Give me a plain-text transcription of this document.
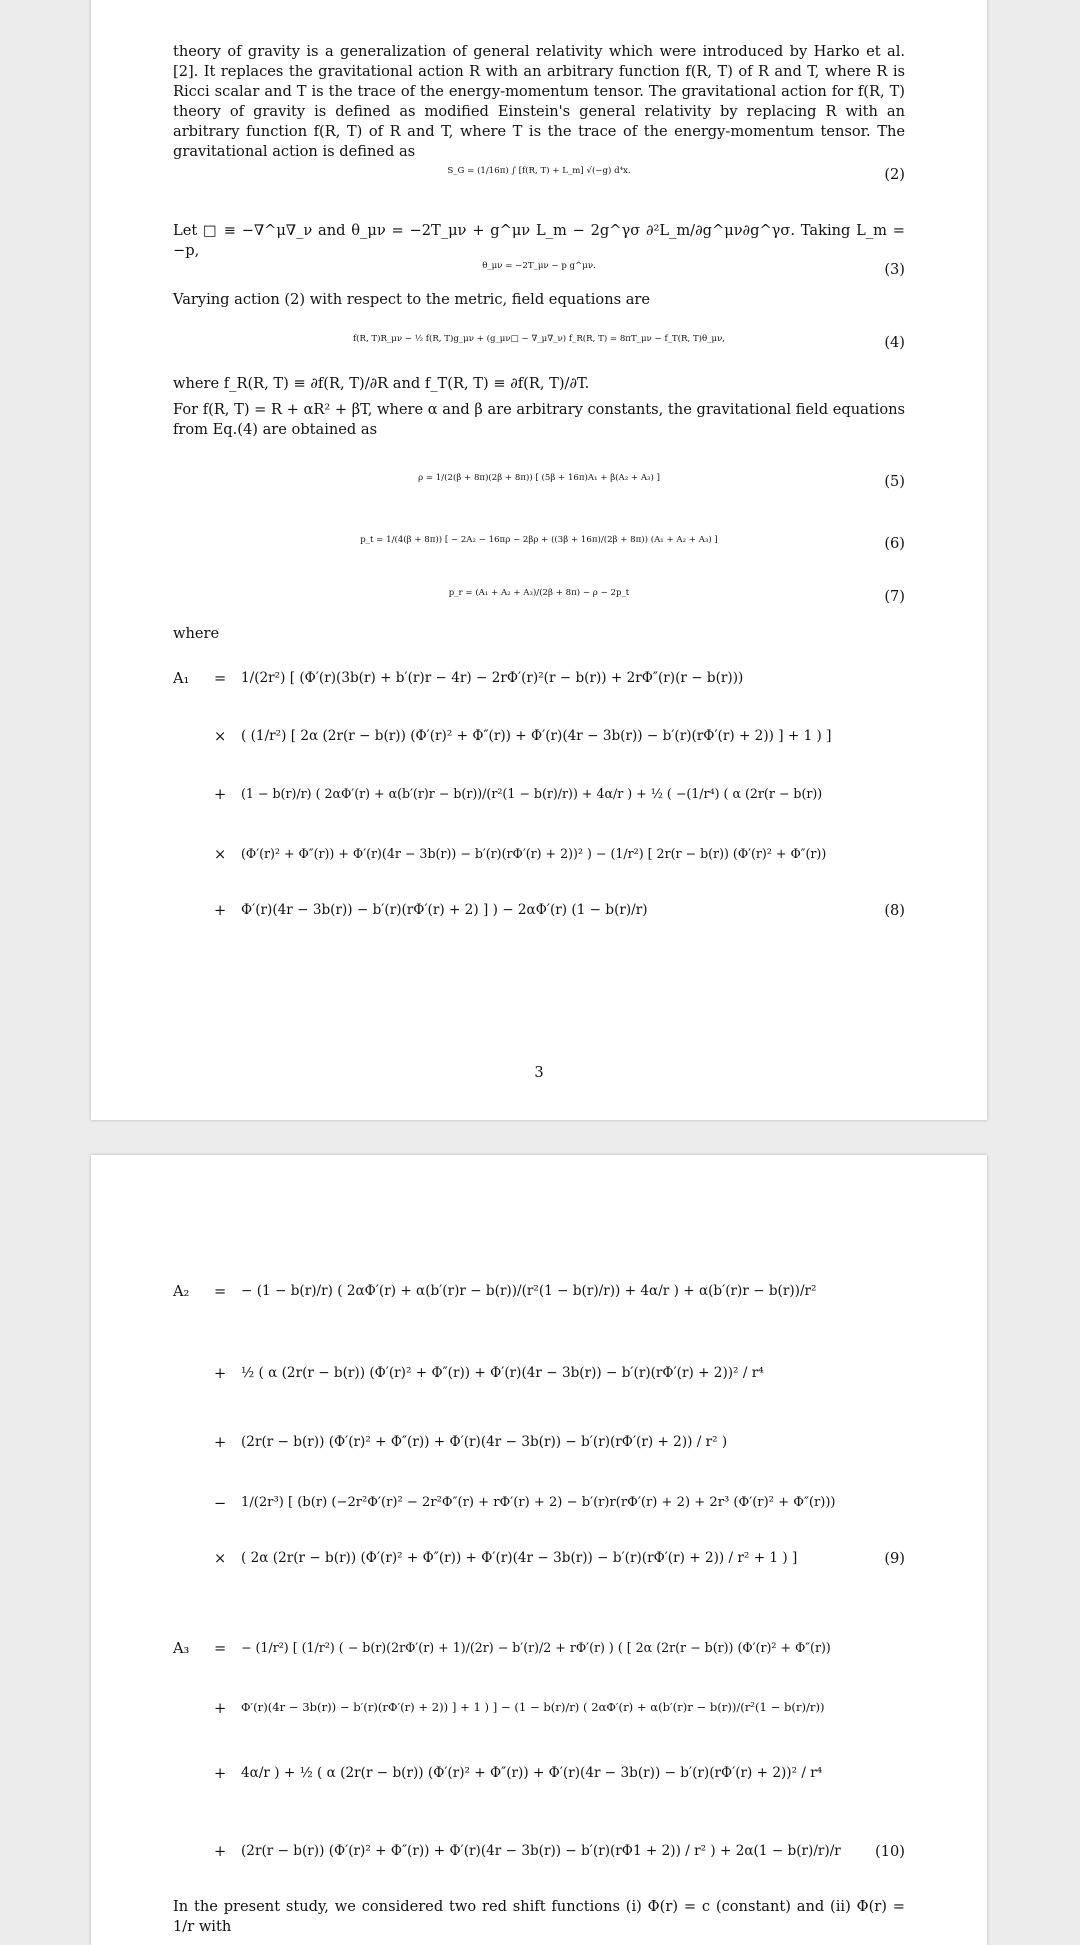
theory of gravity is a generalization of general relativity which were introduced by Harko et al. [2]. It replaces the gravitational action R with an arbitrary function f(R, T) of R and T, where R is Ricci scalar and T is the trace of the energy-momentum tensor. The gravitational action for f(R, T) theory of gravity is defined as modified Einstein's general relativity by replacing R with an arbitrary function f(R, T) of R and T, where T is the trace of the energy-momentum tensor. The gravitational action is defined as
S_G = (1/16π) ∫ [f(R, T) + L_m] √(−g) d⁴x.	(2)
Let □ ≡ −∇^μ∇_ν and θ_μν = −2T_μν + g^μν L_m − 2g^γσ ∂²L_m/∂g^μν∂g^γσ. Taking L_m = −p,
θ_μν = −2T_μν − p g^μν.	(3)
Varying action (2) with respect to the metric, field equations are
f(R, T)R_μν − ½ f(R, T)g_μν + (g_μν□ − ∇_μ∇_ν) f_R(R, T) = 8πT_μν − f_T(R, T)θ_μν,	(4)
where f_R(R, T) ≡ ∂f(R, T)/∂R and f_T(R, T) ≡ ∂f(R, T)/∂T.
For f(R, T) = R + αR² + βT, where α and β are arbitrary constants, the gravitational field equations from Eq.(4) are obtained as
ρ = 1/(2(β + 8π)(2β + 8π)) [ (5β + 16π)A₁ + β(A₂ + A₃) ]	(5)
p_t = 1/(4(β + 8π)) [ − 2A₂ − 16πρ − 2βρ + ((3β + 16π)/(2β + 8π)) (A₁ + A₂ + A₃) ]	(6)
p_r = (A₁ + A₂ + A₃)/(2β + 8π) − ρ − 2p_t	(7)
where
A₁	=	1/(2r²) [ (Φ′(r)(3b(r) + b′(r)r − 4r) − 2rΦ′(r)²(r − b(r)) + 2rΦ″(r)(r − b(r)))
×	( (1/r²) [ 2α (2r(r − b(r)) (Φ′(r)² + Φ″(r)) + Φ′(r)(4r − 3b(r)) − b′(r)(rΦ′(r) + 2)) ] + 1 ) ]
+	(1 − b(r)/r) ( 2αΦ′(r) + α(b′(r)r − b(r))/(r²(1 − b(r)/r)) + 4α/r ) + ½ ( −(1/r⁴) ( α (2r(r − b(r))
×	(Φ′(r)² + Φ″(r)) + Φ′(r)(4r − 3b(r)) − b′(r)(rΦ′(r) + 2))² ) − (1/r²) [ 2r(r − b(r)) (Φ′(r)² + Φ″(r))
+	Φ′(r)(4r − 3b(r)) − b′(r)(rΦ′(r) + 2) ] ) − 2αΦ′(r) (1 − b(r)/r)	(8)
3
A₂	=	− (1 − b(r)/r) ( 2αΦ′(r) + α(b′(r)r − b(r))/(r²(1 − b(r)/r)) + 4α/r ) + α(b′(r)r − b(r))/r²
+	½ ( α (2r(r − b(r)) (Φ′(r)² + Φ″(r)) + Φ′(r)(4r − 3b(r)) − b′(r)(rΦ′(r) + 2))² / r⁴
+	(2r(r − b(r)) (Φ′(r)² + Φ″(r)) + Φ′(r)(4r − 3b(r)) − b′(r)(rΦ′(r) + 2)) / r² )
−	1/(2r³) [ (b(r) (−2r²Φ′(r)² − 2r²Φ″(r) + rΦ′(r) + 2) − b′(r)r(rΦ′(r) + 2) + 2r³ (Φ′(r)² + Φ″(r)))
×	( 2α (2r(r − b(r)) (Φ′(r)² + Φ″(r)) + Φ′(r)(4r − 3b(r)) − b′(r)(rΦ′(r) + 2)) / r² + 1 ) ]	(9)
A₃	=	− (1/r²) [ (1/r²) ( − b(r)(2rΦ′(r) + 1)/(2r) − b′(r)/2 + rΦ′(r) ) ( [ 2α (2r(r − b(r)) (Φ′(r)² + Φ″(r))
+	Φ′(r)(4r − 3b(r)) − b′(r)(rΦ′(r) + 2)) ] + 1 ) ] − (1 − b(r)/r) ( 2αΦ′(r) + α(b′(r)r − b(r))/(r²(1 − b(r)/r))
+	4α/r ) + ½ ( α (2r(r − b(r)) (Φ′(r)² + Φ″(r)) + Φ′(r)(4r − 3b(r)) − b′(r)(rΦ′(r) + 2))² / r⁴
+	(2r(r − b(r)) (Φ′(r)² + Φ″(r)) + Φ′(r)(4r − 3b(r)) − b′(r)(rΦ1 + 2)) / r² ) + 2α(1 − b(r)/r)/r (10)
In the present study, we considered two red shift functions (i) Φ(r) = c (constant) and (ii) Φ(r) = 1/r with
